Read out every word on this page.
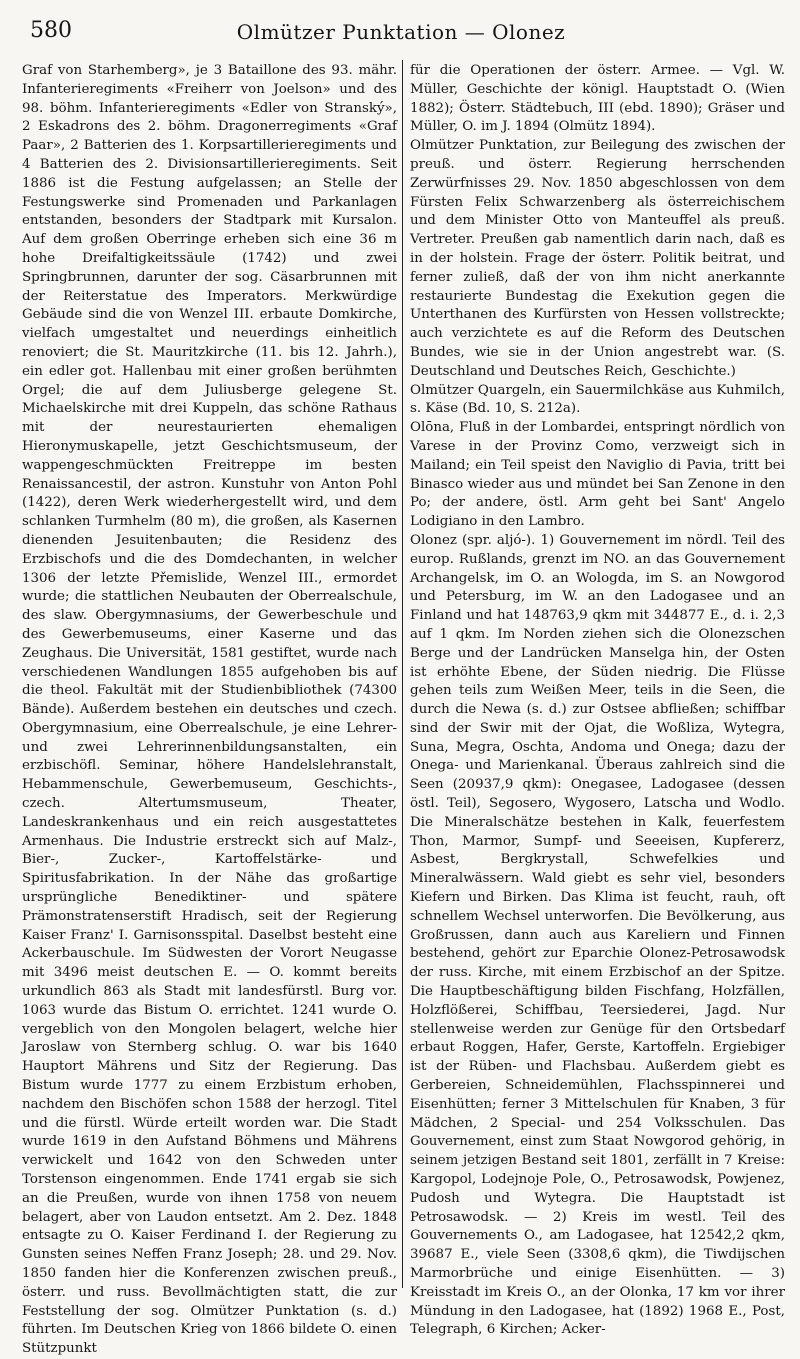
580	Olmützer Punktation — Olonez

Graf von Starhemberg», je 3 Bataillone des 93. mähr. Infanterieregiments «Freiherr von Joelson» und des 98. böhm. Infanterieregiments «Edler von Stranský», 2 Eskadrons des 2. böhm. Dragonerregiments «Graf Paar», 2 Batterien des 1. Korpsartillerieregiments und 4 Batterien des 2. Divisionsartillerieregiments. Seit 1886 ist die Festung aufgelassen; an Stelle der Festungswerke sind Promenaden und Parkanlagen entstanden, besonders der Stadtpark mit Kursalon. Auf dem großen Oberringe erheben sich eine 36 m hohe Dreifaltigkeitssäule (1742) und zwei Springbrunnen, darunter der sog. Cäsarbrunnen mit der Reiterstatue des Imperators. Merkwürdige Gebäude sind die von Wenzel III. erbaute Domkirche, vielfach umgestaltet und neuerdings einheitlich renoviert; die St. Mauritzkirche (11. bis 12. Jahrh.), ein edler got. Hallenbau mit einer großen berühmten Orgel; die auf dem Juliusberge gelegene St. Michaelskirche mit drei Kuppeln, das schöne Rathaus mit der neurestaurierten ehemaligen Hieronymuskapelle, jetzt Geschichtsmuseum, der wappengeschmückten Freitreppe im besten Renaissancestil, der astron. Kunstuhr von Anton Pohl (1422), deren Werk wiederhergestellt wird, und dem schlanken Turmhelm (80 m), die großen, als Kasernen dienenden Jesuitenbauten; die Residenz des Erzbischofs und die des Domdechanten, in welcher 1306 der letzte Přemislide, Wenzel III., ermordet wurde; die stattlichen Neubauten der Oberrealschule, des slaw. Obergymnasiums, der Gewerbeschule und des Gewerbemuseums, einer Kaserne und das Zeughaus. Die Universität, 1581 gestiftet, wurde nach verschiedenen Wandlungen 1855 aufgehoben bis auf die theol. Fakultät mit der Studienbibliothek (74300 Bände). Außerdem bestehen ein deutsches und czech. Obergymnasium, eine Oberrealschule, je eine Lehrer- und zwei Lehrerinnenbildungsanstalten, ein erzbischöfl. Seminar, höhere Handelslehranstalt, Hebammenschule, Gewerbemuseum, Geschichts-, czech. Altertumsmuseum, Theater, Landeskrankenhaus und ein reich ausgestattetes Armenhaus. Die Industrie erstreckt sich auf Malz-, Bier-, Zucker-, Kartoffelstärke- und Spiritusfabrikation. In der Nähe das großartige ursprüngliche Benediktiner- und spätere Prämonstratenserstift Hradisch, seit der Regierung Kaiser Franz' I. Garnisonsspital. Daselbst besteht eine Ackerbauschule. Im Südwesten der Vorort Neugasse mit 3496 meist deutschen E. — O. kommt bereits urkundlich 863 als Stadt mit landesfürstl. Burg vor. 1063 wurde das Bistum O. errichtet. 1241 wurde O. vergeblich von den Mongolen belagert, welche hier Jaroslaw von Sternberg schlug. O. war bis 1640 Hauptort Mährens und Sitz der Regierung. Das Bistum wurde 1777 zu einem Erzbistum erhoben, nachdem den Bischöfen schon 1588 der herzogl. Titel und die fürstl. Würde erteilt worden war. Die Stadt wurde 1619 in den Aufstand Böhmens und Mährens verwickelt und 1642 von den Schweden unter Torstenson eingenommen. Ende 1741 ergab sie sich an die Preußen, wurde von ihnen 1758 von neuem belagert, aber von Laudon entsetzt. Am 2. Dez. 1848 entsagte zu O. Kaiser Ferdinand I. der Regierung zu Gunsten seines Neffen Franz Joseph; 28. und 29. Nov. 1850 fanden hier die Konferenzen zwischen preuß., österr. und russ. Bevollmächtigten statt, die zur Feststellung der sog. Olmützer Punktation (s. d.) führten. Im Deutschen Krieg von 1866 bildete O. einen Stützpunkt

für die Operationen der österr. Armee. — Vgl. W. Müller, Geschichte der königl. Hauptstadt O. (Wien 1882); Österr. Städtebuch, III (ebd. 1890); Gräser und Müller, O. im J. 1894 (Olmütz 1894).

Olmützer Punktation, zur Beilegung des zwischen der preuß. und österr. Regierung herrschenden Zerwürfnisses 29. Nov. 1850 abgeschlossen von dem Fürsten Felix Schwarzenberg als österreichischem und dem Minister Otto von Manteuffel als preuß. Vertreter. Preußen gab namentlich darin nach, daß es in der holstein. Frage der österr. Politik beitrat, und ferner zuließ, daß der von ihm nicht anerkannte restaurierte Bundestag die Exekution gegen die Unterthanen des Kurfürsten von Hessen vollstreckte; auch verzichtete es auf die Reform des Deutschen Bundes, wie sie in der Union angestrebt war. (S. Deutschland und Deutsches Reich, Geschichte.)

Olmützer Quargeln, ein Sauermilchkäse aus Kuhmilch, s. Käse (Bd. 10, S. 212a).

Olōna, Fluß in der Lombardei, entspringt nördlich von Varese in der Provinz Como, verzweigt sich in Mailand; ein Teil speist den Naviglio di Pavia, tritt bei Binasco wieder aus und mündet bei San Zenone in den Po; der andere, östl. Arm geht bei Sant' Angelo Lodigiano in den Lambro.

Olonez (spr. aljó-). 1) Gouvernement im nördl. Teil des europ. Rußlands, grenzt im NO. an das Gouvernement Archangelsk, im O. an Wologda, im S. an Nowgorod und Petersburg, im W. an den Ladogasee und an Finland und hat 148763,9 qkm mit 344877 E., d. i. 2,3 auf 1 qkm. Im Norden ziehen sich die Olonezschen Berge und der Landrücken Manselga hin, der Osten ist erhöhte Ebene, der Süden niedrig. Die Flüsse gehen teils zum Weißen Meer, teils in die Seen, die durch die Newa (s. d.) zur Ostsee abfließen; schiffbar sind der Swir mit der Ojat, die Woßliza, Wytegra, Suna, Megra, Oschta, Andoma und Onega; dazu der Onega- und Marienkanal. Überaus zahlreich sind die Seen (20937,9 qkm): Onegasee, Ladogasee (dessen östl. Teil), Segosero, Wygosero, Latscha und Wodlo. Die Mineralschätze bestehen in Kalk, feuerfestem Thon, Marmor, Sumpf- und Seeeisen, Kupfererz, Asbest, Bergkrystall, Schwefelkies und Mineralwässern. Wald giebt es sehr viel, besonders Kiefern und Birken. Das Klima ist feucht, rauh, oft schnellem Wechsel unterworfen. Die Bevölkerung, aus Großrussen, dann auch aus Kareliern und Finnen bestehend, gehört zur Eparchie Olonez-Petrosawodsk der russ. Kirche, mit einem Erzbischof an der Spitze. Die Hauptbeschäftigung bilden Fischfang, Holzfällen, Holzflößerei, Schiffbau, Teersiederei, Jagd. Nur stellenweise werden zur Genüge für den Ortsbedarf erbaut Roggen, Hafer, Gerste, Kartoffeln. Ergiebiger ist der Rüben- und Flachsbau. Außerdem giebt es Gerbereien, Schneidemühlen, Flachsspinnerei und Eisenhütten; ferner 3 Mittelschulen für Knaben, 3 für Mädchen, 2 Special- und 254 Volksschulen. Das Gouvernement, einst zum Staat Nowgorod gehörig, in seinem jetzigen Bestand seit 1801, zerfällt in 7 Kreise: Kargopol, Lodejnoje Pole, O., Petrosawodsk, Powjenez, Pudosh und Wytegra. Die Hauptstadt ist Petrosawodsk. — 2) Kreis im westl. Teil des Gouvernements O., am Ladogasee, hat 12542,2 qkm, 39687 E., viele Seen (3308,6 qkm), die Tiwdijschen Marmorbrüche und einige Eisenhütten. — 3) Kreisstadt im Kreis O., an der Olonka, 17 km vor ihrer Mündung in den Ladogasee, hat (1892) 1968 E., Post, Telegraph, 6 Kirchen; Acker-
